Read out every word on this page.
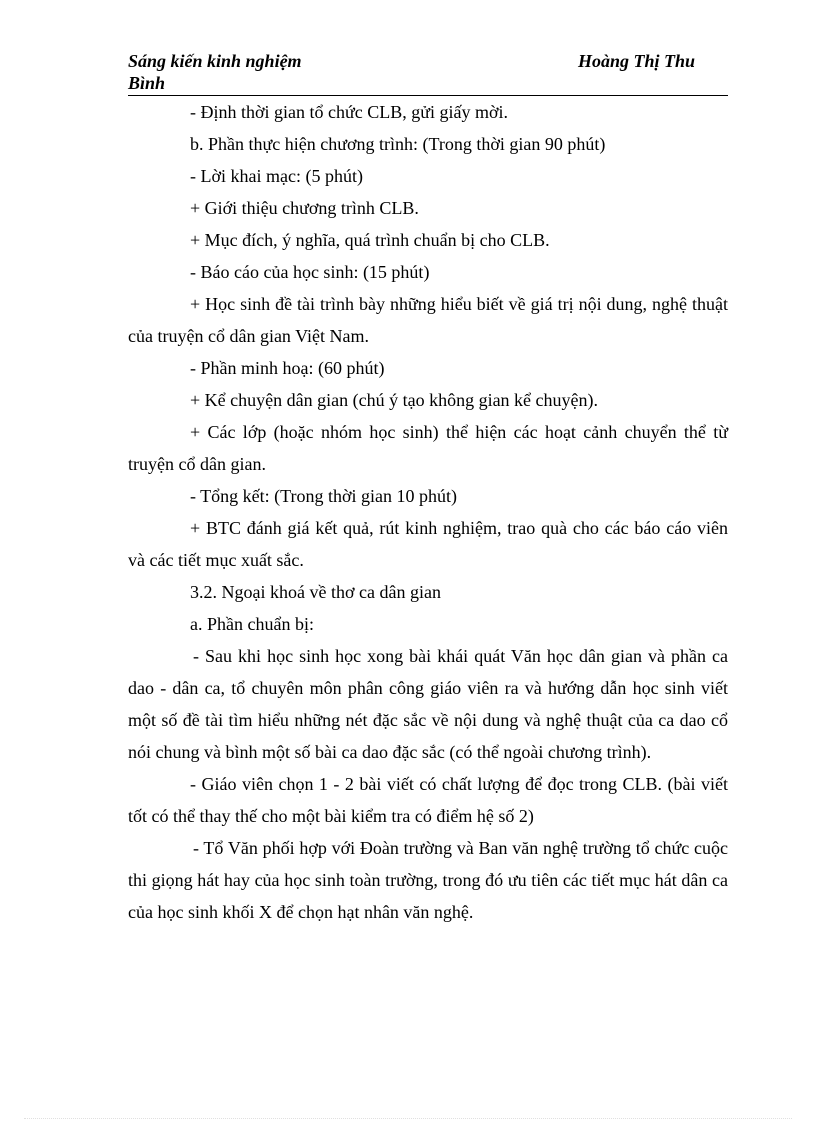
Sáng kiến kinh nghiệm	Hoàng Thị Thu
Bình

- Định thời gian tổ chức CLB, gửi giấy mời.

b. Phần thực hiện chương trình: (Trong thời gian 90 phút)

- Lời khai mạc: (5 phút)

+ Giới thiệu chương trình CLB.

+ Mục đích, ý nghĩa, quá trình chuẩn bị cho CLB.

- Báo cáo của học sinh: (15 phút)

+ Học sinh đề tài trình bày những hiểu biết về giá trị nội dung, nghệ thuật của truyện cổ dân gian Việt Nam.

- Phần minh hoạ: (60 phút)

+ Kể chuyện dân gian (chú ý tạo không gian kể chuyện).

+ Các lớp (hoặc nhóm học sinh) thể hiện các hoạt cảnh chuyển thể từ truyện cổ dân gian.

- Tổng kết: (Trong thời gian 10 phút)

+ BTC đánh giá kết quả, rút kinh nghiệm, trao quà cho các báo cáo viên và các tiết mục xuất sắc.

3.2. Ngoại khoá về thơ ca dân gian

a. Phần chuẩn bị:

- Sau khi học sinh học xong bài khái quát Văn học dân gian và phần ca dao - dân ca, tổ chuyên môn phân công giáo viên ra và hướng dẫn học sinh viết một số đề tài tìm hiểu những nét đặc sắc về nội dung và nghệ thuật của ca dao cổ nói chung và bình một số bài ca dao đặc sắc (có thể ngoài chương trình).

- Giáo viên chọn 1 - 2 bài viết có chất lượng để đọc trong CLB. (bài viết tốt có thể thay thế cho một bài kiểm tra có điểm hệ số 2)

- Tổ Văn phối hợp với Đoàn trường và Ban văn nghệ trường tổ chức cuộc thi giọng hát hay của học sinh toàn trường, trong đó ưu tiên các tiết mục hát dân ca của học sinh khối X để chọn hạt nhân văn nghệ.
